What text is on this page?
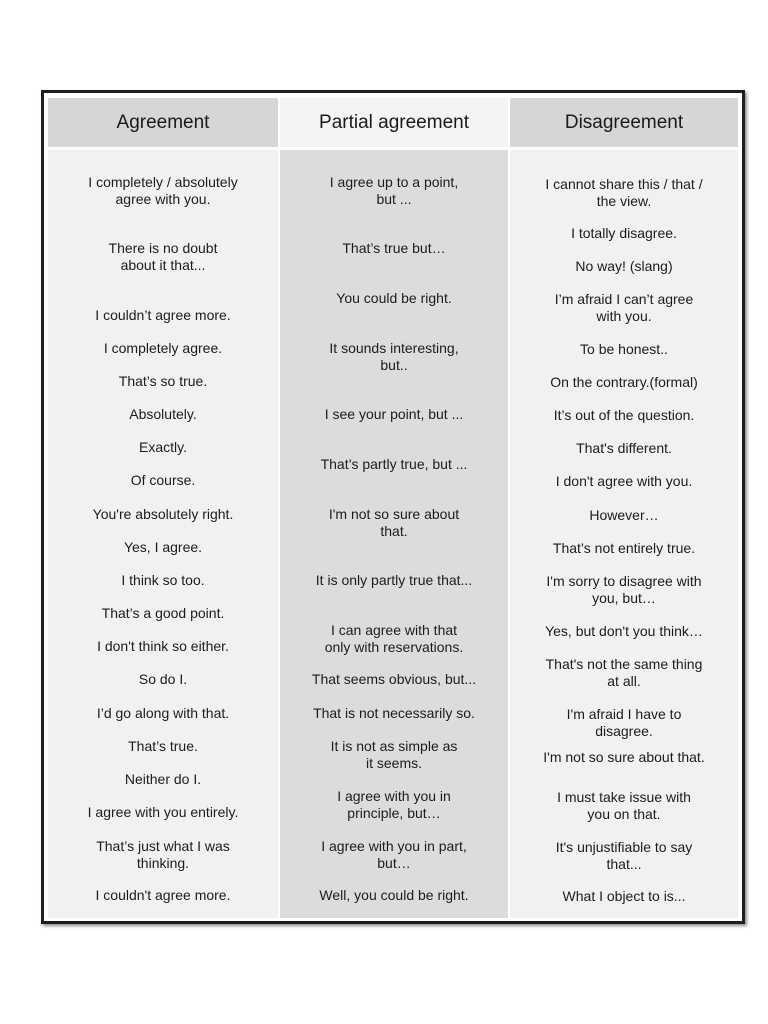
Agreement
I completely / absolutely
agree with you.
There is no doubt
about it that...
I couldn’t agree more.
I completely agree.
That’s so true.
Absolutely.
Exactly.
Of course.
You're absolutely right.
Yes, I agree.
I think so too.
That’s a good point.
I don't think so either.
So do I.
I’d go along with that.
That’s true.
Neither do I.
I agree with you entirely.
That’s just what I was
thinking.
I couldn't agree more.
Partial agreement
I agree up to a point,
but ...
That’s true but…
You could be right.
It sounds interesting,
but..
I see your point, but ...
That’s partly true, but ...
I'm not so sure about
that.
It is only partly true that...
I can agree with that
only with reservations.
That seems obvious, but...
That is not necessarily so.
It is not as simple as
it seems.
I agree with you in
principle, but…
I agree with you in part,
but…
Well, you could be right.
Disagreement
I cannot share this / that /
the view.
I totally disagree.
No way! (slang)
I’m afraid I can’t agree
with you.
To be honest..
On the contrary.(formal)
It’s out of the question.
That's different.
I don't agree with you.
However…
That’s not entirely true.
I'm sorry to disagree with
you, but…
Yes, but don't you think…
That's not the same thing
at all.
I'm afraid I have to
disagree.
I'm not so sure about that.
I must take issue with
you on that.
It's unjustifiable to say
that...
What I object to is...
